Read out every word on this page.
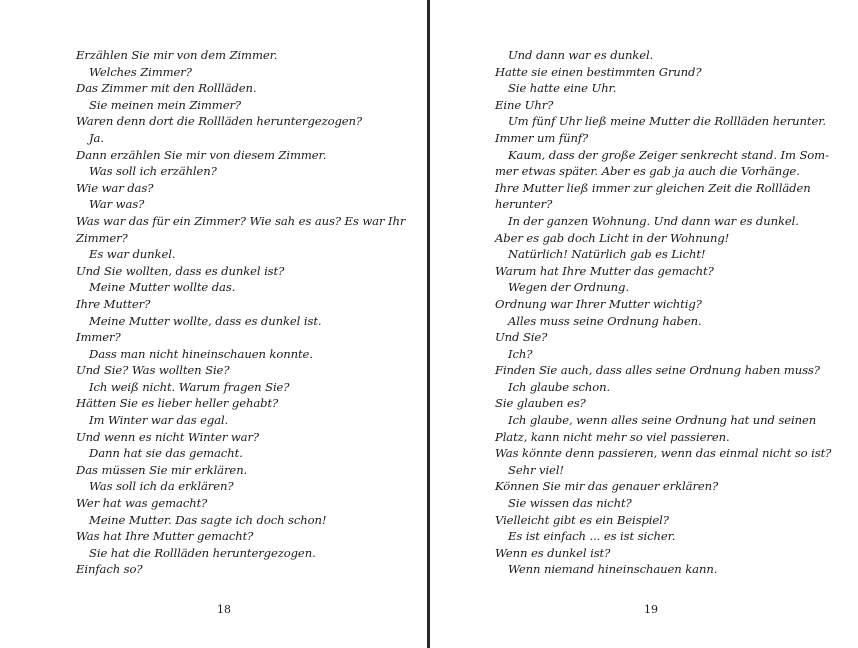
Erzählen Sie mir von dem Zimmer.
Welches Zimmer?
Das Zimmer mit den Rollläden.
Sie meinen mein Zimmer?
Waren denn dort die Rollläden heruntergezogen?
Ja.
Dann erzählen Sie mir von diesem Zimmer.
Was soll ich erzählen?
Wie war das?
War was?
Was war das für ein Zimmer? Wie sah es aus? Es war Ihr
Zimmer?
Es war dunkel.
Und Sie wollten, dass es dunkel ist?
Meine Mutter wollte das.
Ihre Mutter?
Meine Mutter wollte, dass es dunkel ist.
Immer?
Dass man nicht hineinschauen konnte.
Und Sie? Was wollten Sie?
Ich weiß nicht. Warum fragen Sie?
Hätten Sie es lieber heller gehabt?
Im Winter war das egal.
Und wenn es nicht Winter war?
Dann hat sie das gemacht.
Das müssen Sie mir erklären.
Was soll ich da erklären?
Wer hat was gemacht?
Meine Mutter. Das sagte ich doch schon!
Was hat Ihre Mutter gemacht?
Sie hat die Rollläden heruntergezogen.
Einfach so?
18
Und dann war es dunkel.
Hatte sie einen bestimmten Grund?
Sie hatte eine Uhr.
Eine Uhr?
Um fünf Uhr ließ meine Mutter die Rollläden herunter.
Immer um fünf?
Kaum, dass der große Zeiger senkrecht stand. Im Som-
mer etwas später. Aber es gab ja auch die Vorhänge.
Ihre Mutter ließ immer zur gleichen Zeit die Rollläden
herunter?
In der ganzen Wohnung. Und dann war es dunkel.
Aber es gab doch Licht in der Wohnung!
Natürlich! Natürlich gab es Licht!
Warum hat Ihre Mutter das gemacht?
Wegen der Ordnung.
Ordnung war Ihrer Mutter wichtig?
Alles muss seine Ordnung haben.
Und Sie?
Ich?
Finden Sie auch, dass alles seine Ordnung haben muss?
Ich glaube schon.
Sie glauben es?
Ich glaube, wenn alles seine Ordnung hat und seinen
Platz, kann nicht mehr so viel passieren.
Was könnte denn passieren, wenn das einmal nicht so ist?
Sehr viel!
Können Sie mir das genauer erklären?
Sie wissen das nicht?
Vielleicht gibt es ein Beispiel?
Es ist einfach ... es ist sicher.
Wenn es dunkel ist?
Wenn niemand hineinschauen kann.
19
